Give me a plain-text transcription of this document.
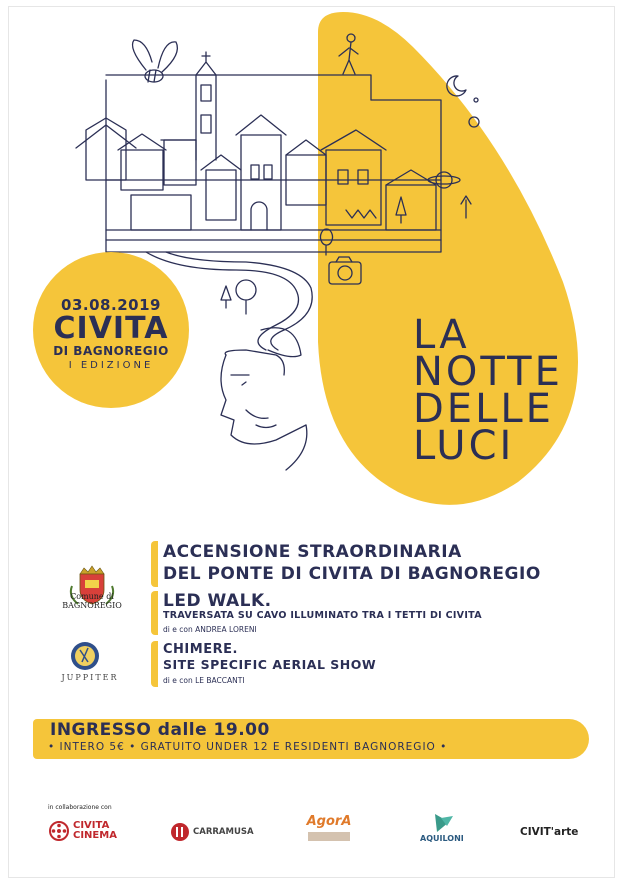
03.08.2019
CIVITA
DI BAGNOREGIO
I EDIZIONE
LA
NOTTE
DELLE
LUCI
Comune di
BAGNOREGIO
JUPPITER
ACCENSIONE STRAORDINARIA
DEL PONTE DI CIVITA DI BAGNOREGIO
LED WALK.
TRAVERSATA SU CAVO ILLUMINATO TRA I TETTI DI CIVITA
di e con ANDREA LORENI
CHIMERE.
SITE SPECIFIC AERIAL SHOW
di e con LE BACCANTI
INGRESSO dalle 19.00
• INTERO 5€ • GRATUITO UNDER 12 E RESIDENTI BAGNOREGIO •
in collaborazione con
CIVITA
CINEMA	CARRAMUSA
AgorA
AQUILONI
CIVIT'arte
